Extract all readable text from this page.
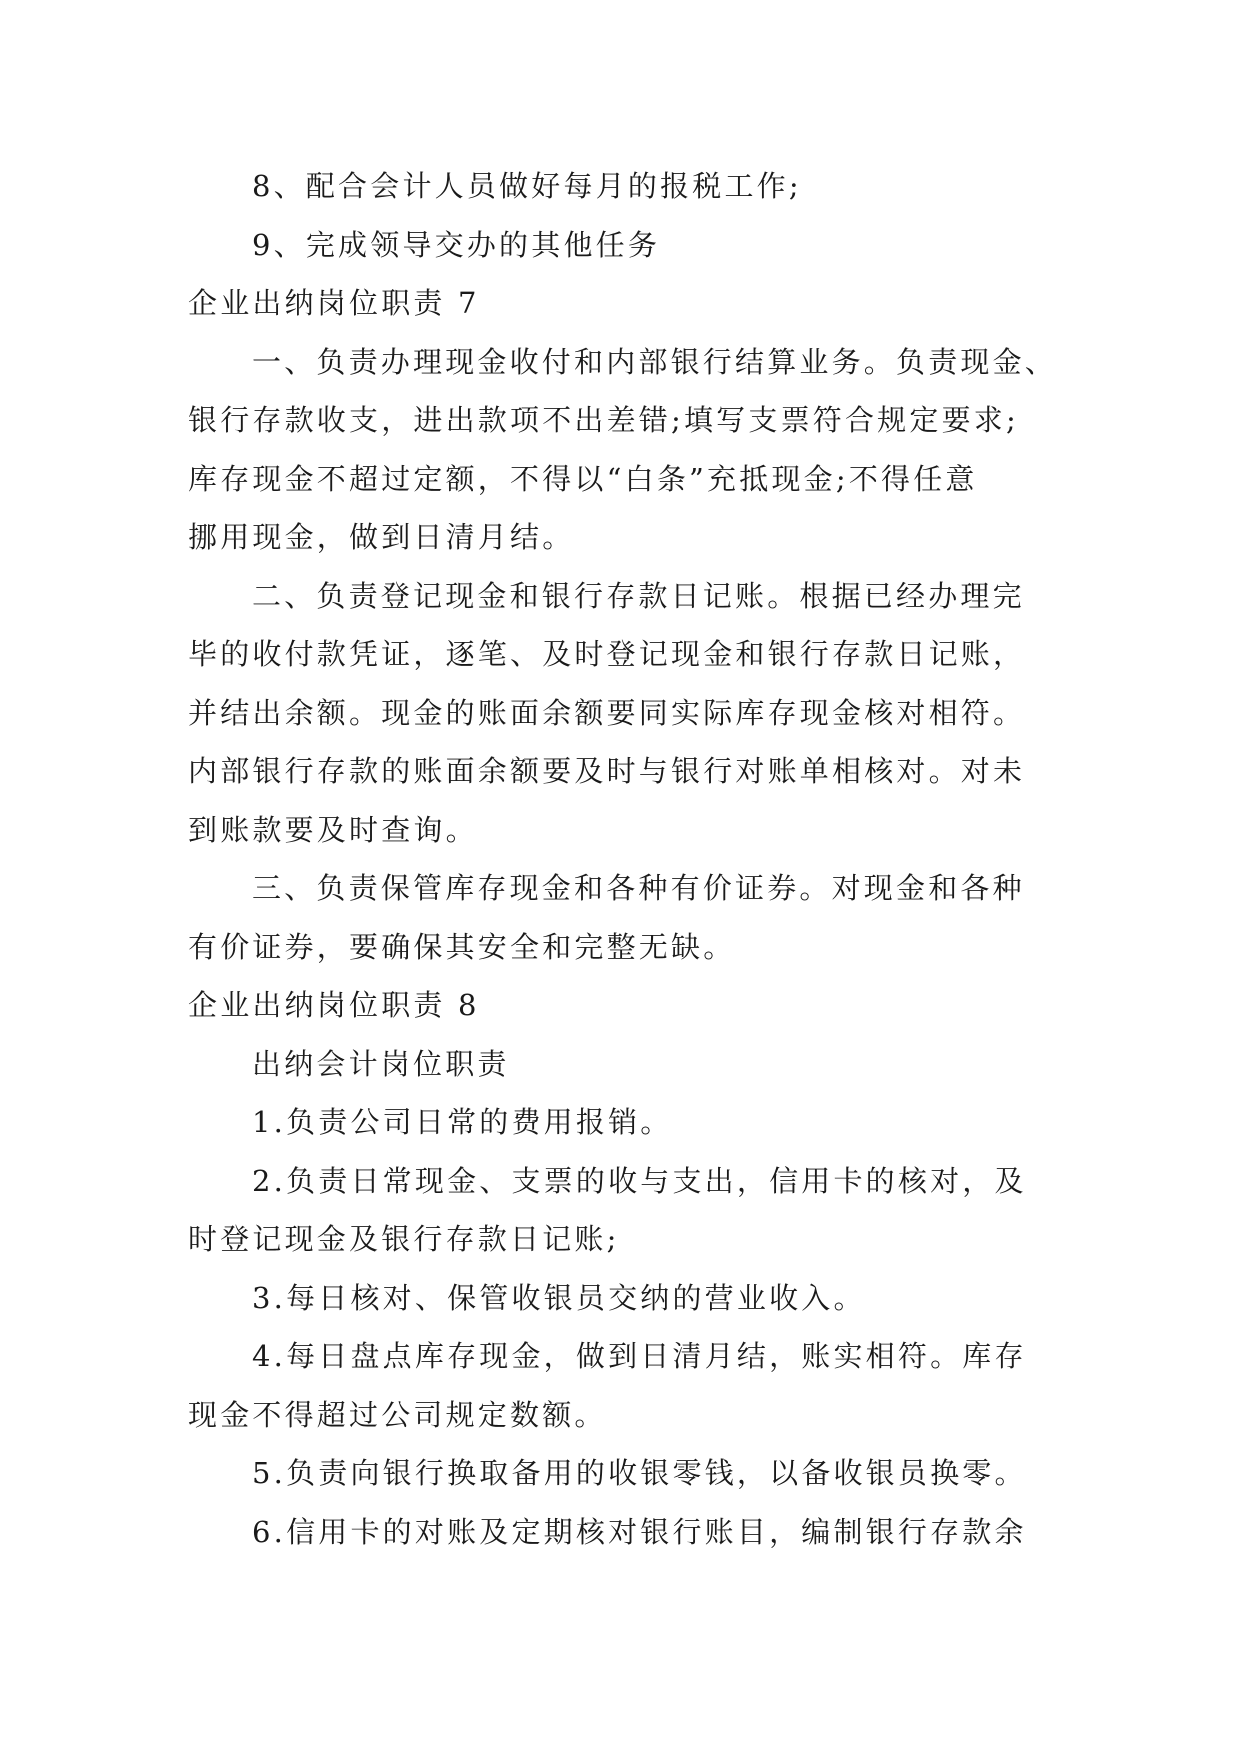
8、配合会计人员做好每月的报税工作;

9、完成领导交办的其他任务

企业出纳岗位职责 7

一、负责办理现金收付和内部银行结算业务。负责现金、

银行存款收支，进出款项不出差错;填写支票符合规定要求;

库存现金不超过定额，不得以“白条”充抵现金;不得任意

挪用现金，做到日清月结。

二、负责登记现金和银行存款日记账。根据已经办理完

毕的收付款凭证，逐笔、及时登记现金和银行存款日记账，

并结出余额。现金的账面余额要同实际库存现金核对相符。

内部银行存款的账面余额要及时与银行对账单相核对。对未

到账款要及时查询。

三、负责保管库存现金和各种有价证券。对现金和各种

有价证券，要确保其安全和完整无缺。

企业出纳岗位职责 8

出纳会计岗位职责

1.负责公司日常的费用报销。

2.负责日常现金、支票的收与支出，信用卡的核对，及

时登记现金及银行存款日记账;

3.每日核对、保管收银员交纳的营业收入。

4.每日盘点库存现金，做到日清月结，账实相符。库存

现金不得超过公司规定数额。

5.负责向银行换取备用的收银零钱，以备收银员换零。

6.信用卡的对账及定期核对银行账目，编制银行存款余
